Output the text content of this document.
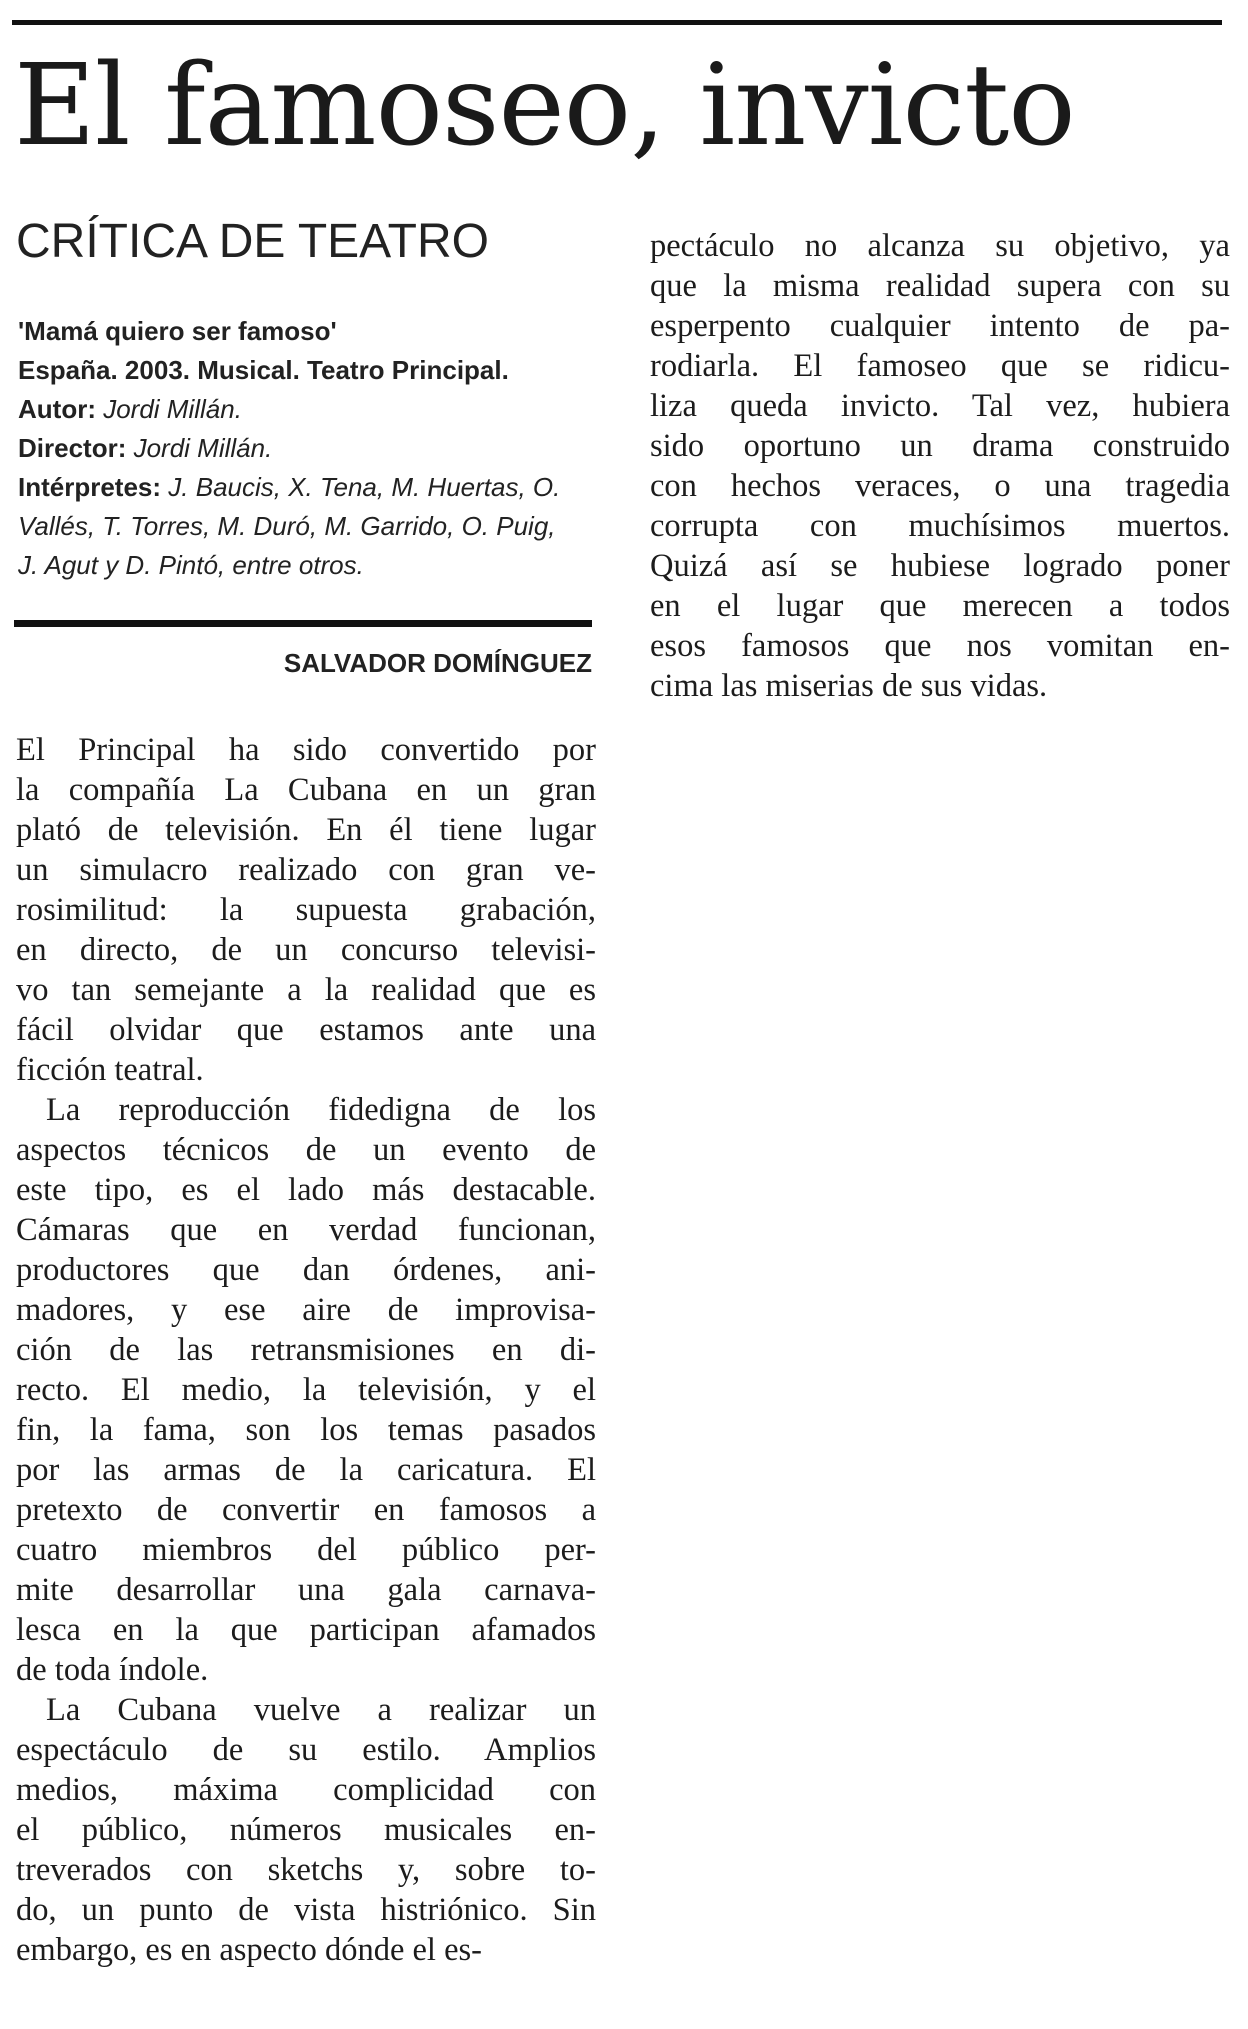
El famoseo, invicto
CRÍTICA DE TEATRO
'Mamá quiero ser famoso'
España. 2003. Musical. Teatro Principal.
Autor: Jordi Millán.
Director: Jordi Millán.
Intérpretes: J. Baucis, X. Tena, M. Huertas, O.
Vallés, T. Torres, M. Duró, M. Garrido, O. Puig,
J. Agut y D. Pintó, entre otros.
SALVADOR DOMÍNGUEZ
El Principal ha sido convertido por
la compañía La Cubana en un gran
plató de televisión. En él tiene lugar
un simulacro realizado con gran ve-
rosimilitud: la supuesta grabación,
en directo, de un concurso televisi-
vo tan semejante a la realidad que es
fácil olvidar que estamos ante una
ficción teatral.
La reproducción fidedigna de los
aspectos técnicos de un evento de
este tipo, es el lado más destacable.
Cámaras que en verdad funcionan,
productores que dan órdenes, ani-
madores, y ese aire de improvisa-
ción de las retransmisiones en di-
recto. El medio, la televisión, y el
fin, la fama, son los temas pasados
por las armas de la caricatura. El
pretexto de convertir en famosos a
cuatro miembros del público per-
mite desarrollar una gala carnava-
lesca en la que participan afamados
de toda índole.
La Cubana vuelve a realizar un
espectáculo de su estilo. Amplios
medios, máxima complicidad con
el público, números musicales en-
treverados con sketchs y, sobre to-
do, un punto de vista histriónico. Sin
embargo, es en aspecto dónde el es-
pectáculo no alcanza su objetivo, ya
que la misma realidad supera con su
esperpento cualquier intento de pa-
rodiarla. El famoseo que se ridicu-
liza queda invicto. Tal vez, hubiera
sido oportuno un drama construido
con hechos veraces, o una tragedia
corrupta con muchísimos muertos.
Quizá así se hubiese logrado poner
en el lugar que merecen a todos
esos famosos que nos vomitan en-
cima las miserias de sus vidas.
